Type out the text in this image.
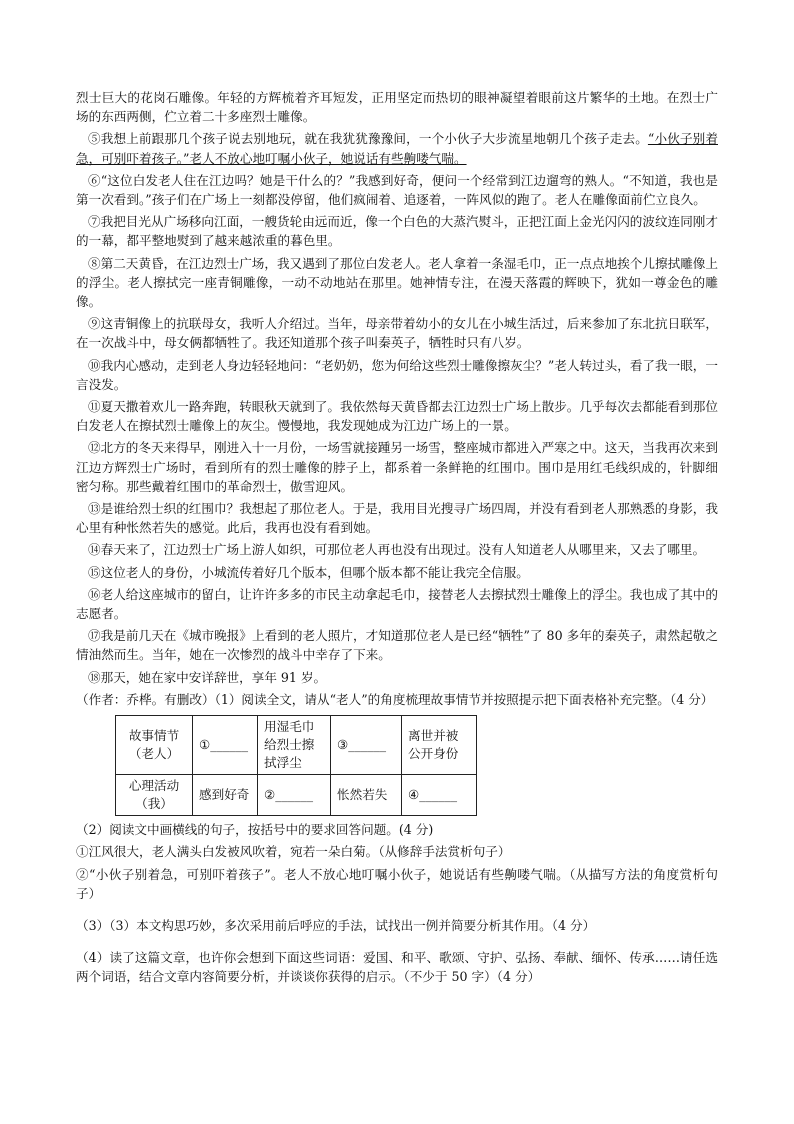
烈士巨大的花岗石雕像。年轻的方辉梳着齐耳短发，正用坚定而热切的眼神凝望着眼前这片繁华的土地。在烈士广场的东西两侧，伫立着二十多座烈士雕像。

⑤我想上前跟那几个孩子说去别地玩，就在我犹犹豫豫间，一个小伙子大步流星地朝几个孩子走去。“小伙子别着急，可别吓着孩子。”老人不放心地叮嘱小伙子，她说话有些齁喽气喘。

⑥“这位白发老人住在江边吗？她是干什么的？”我感到好奇，便问一个经常到江边遛弯的熟人。“不知道，我也是第一次看到。”孩子们在广场上一刻都没停留，他们疯闹着、追逐着，一阵风似的跑了。老人在雕像面前伫立良久。

⑦我把目光从广场移向江面，一艘货轮由远而近，像一个白色的大蒸汽熨斗，正把江面上金光闪闪的波纹连同刚才的一幕，都平整地熨到了越来越浓重的暮色里。

⑧第二天黄昏，在江边烈士广场，我又遇到了那位白发老人。老人拿着一条湿毛巾，正一点点地挨个儿擦拭雕像上的浮尘。老人擦拭完一座青铜雕像，一动不动地站在那里。她神情专注，在漫天落霞的辉映下，犹如一尊金色的雕像。

⑨这青铜像上的抗联母女，我听人介绍过。当年，母亲带着幼小的女儿在小城生活过，后来参加了东北抗日联军，在一次战斗中，母女俩都牺牲了。我还知道那个孩子叫秦英子，牺牲时只有八岁。

⑩我内心感动，走到老人身边轻轻地问：“老奶奶，您为何给这些烈士雕像擦灰尘？”老人转过头，看了我一眼，一言没发。

⑪夏天撒着欢儿一路奔跑，转眼秋天就到了。我依然每天黄昏都去江边烈士广场上散步。几乎每次去都能看到那位白发老人在擦拭烈士雕像上的灰尘。慢慢地，我发现她成为江边广场上的一景。

⑫北方的冬天来得早，刚进入十一月份，一场雪就接踵另一场雪，整座城市都进入严寒之中。这天，当我再次来到江边方辉烈士广场时，看到所有的烈士雕像的脖子上，都系着一条鲜艳的红围巾。围巾是用红毛线织成的，针脚细密匀称。那些戴着红围巾的革命烈士，傲雪迎风。

⑬是谁给烈士织的红围巾？我想起了那位老人。于是，我用目光搜寻广场四周，并没有看到老人那熟悉的身影，我心里有种怅然若失的感觉。此后，我再也没有看到她。

⑭春天来了，江边烈士广场上游人如织，可那位老人再也没有出现过。没有人知道老人从哪里来，又去了哪里。

⑮这位老人的身份，小城流传着好几个版本，但哪个版本都不能让我完全信服。

⑯老人给这座城市的留白，让许许多多的市民主动拿起毛巾，接替老人去擦拭烈士雕像上的浮尘。我也成了其中的志愿者。

⑰我是前几天在《城市晚报》上看到的老人照片，才知道那位老人是已经“牺牲”了 80 多年的秦英子，肃然起敬之情油然而生。当年，她在一次惨烈的战斗中幸存了下来。

⑱那天，她在家中安详辞世，享年 91 岁。

（作者：乔桦。有删改）（1）阅读全文，请从“老人”的角度梳理故事情节并按照提示把下面表格补充完整。（4 分）

故事情节（老人）	①______	用湿毛巾给烈士擦拭浮尘	③______	离世并被公开身份
心理活动（我）	感到好奇	②______	怅然若失	④______

（2）阅读文中画横线的句子，按括号中的要求回答问题。(4 分)

①江风很大，老人满头白发被风吹着，宛若一朵白菊。（从修辞手法赏析句子）

②“小伙子别着急，可别吓着孩子”。老人不放心地叮嘱小伙子，她说话有些齁喽气喘。（从描写方法的角度赏析句子）

（3）（3）本文构思巧妙，多次采用前后呼应的手法，试找出一例并简要分析其作用。（4 分）

（4）读了这篇文章，也许你会想到下面这些词语：爱国、和平、歌颂、守护、弘扬、奉献、缅怀、传承……请任选两个词语，结合文章内容简要分析，并谈谈你获得的启示。（不少于 50 字）（4 分）
